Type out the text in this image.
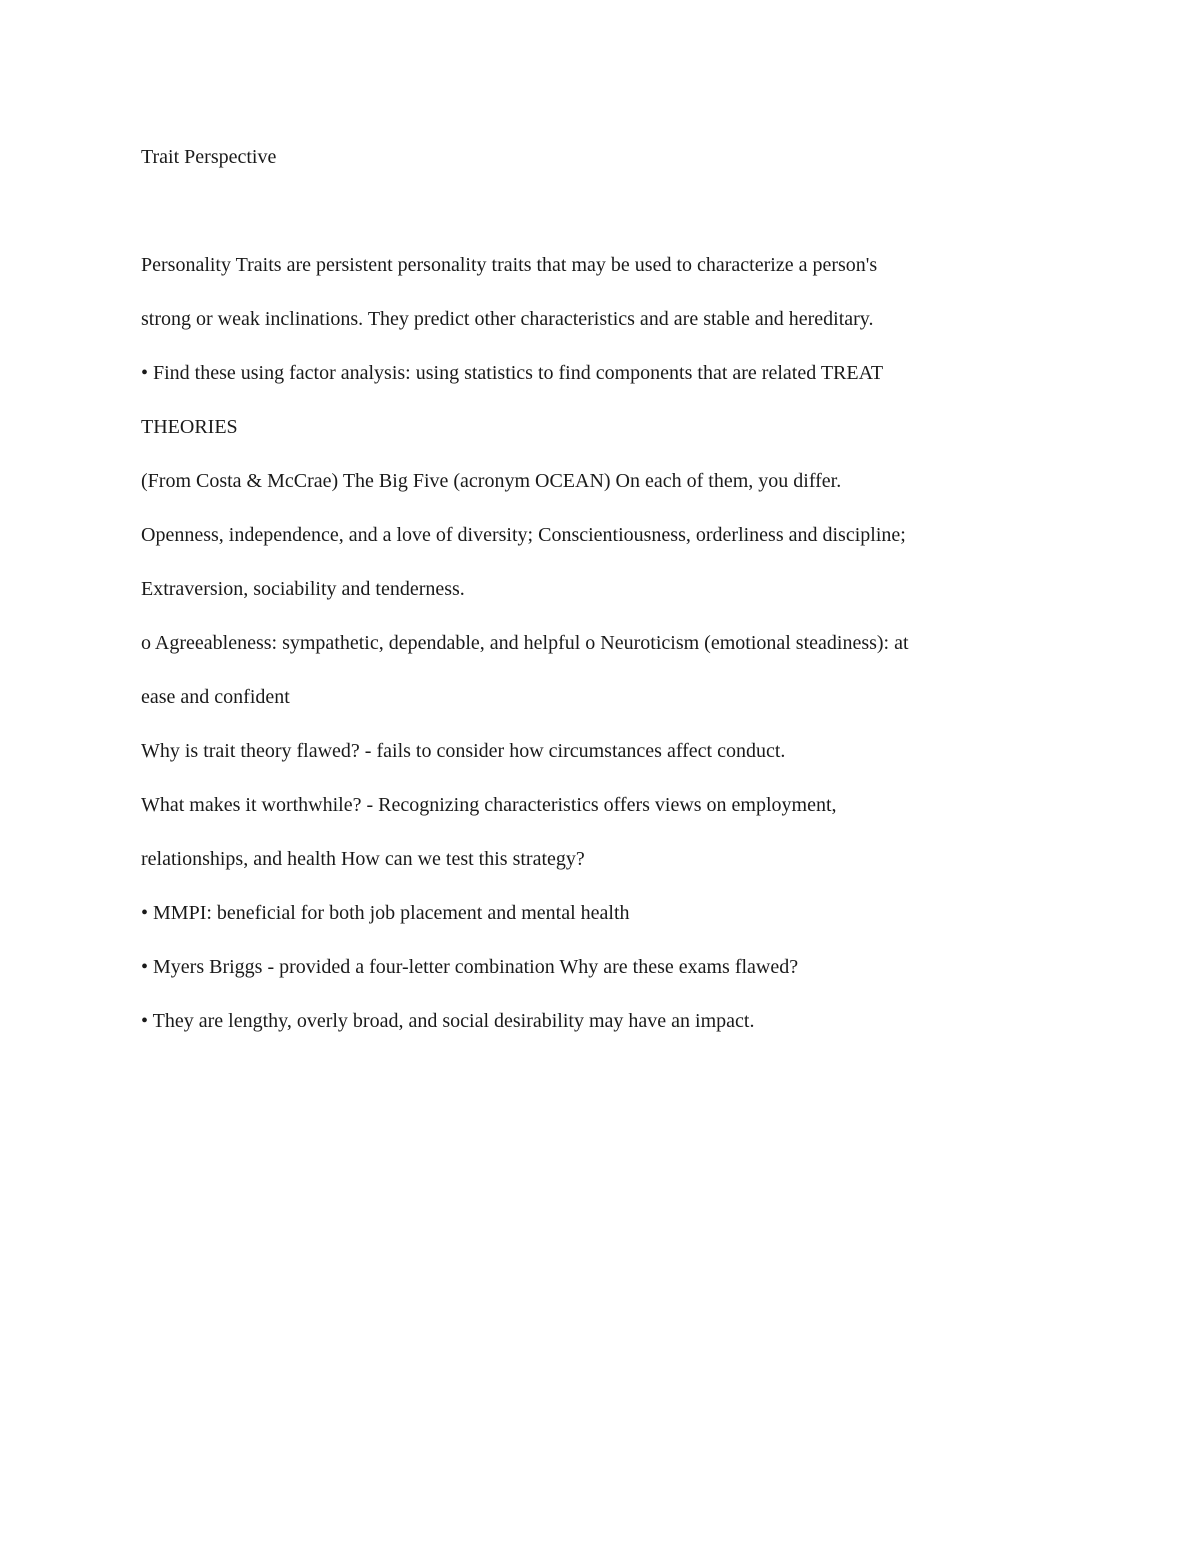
Trait Perspective
Personality Traits are persistent personality traits that may be used to characterize a person's
strong or weak inclinations. They predict other characteristics and are stable and hereditary.
• Find these using factor analysis: using statistics to find components that are related TREAT
THEORIES
(From Costa & McCrae) The Big Five (acronym OCEAN) On each of them, you differ.
Openness, independence, and a love of diversity; Conscientiousness, orderliness and discipline;
Extraversion, sociability and tenderness.
o Agreeableness: sympathetic, dependable, and helpful o Neuroticism (emotional steadiness): at
ease and confident
Why is trait theory flawed? - fails to consider how circumstances affect conduct.
What makes it worthwhile? - Recognizing characteristics offers views on employment,
relationships, and health How can we test this strategy?
• MMPI: beneficial for both job placement and mental health
• Myers Briggs - provided a four-letter combination Why are these exams flawed?
• They are lengthy, overly broad, and social desirability may have an impact.
